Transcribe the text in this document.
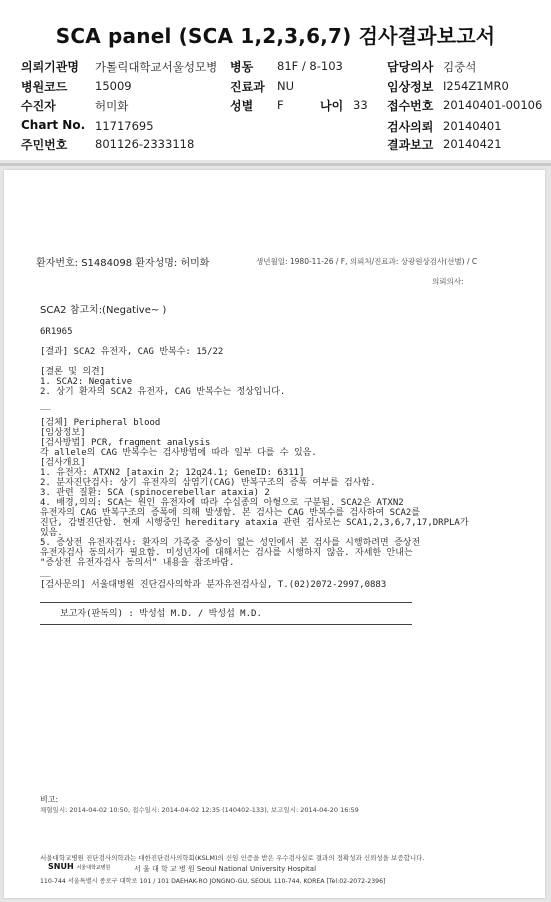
SCA panel (SCA 1,2,3,6,7) 검사결과보고서
의뢰기관명 가톨릭대학교서울성모병 병동 81F / 8-103	담당의사 김중석
병원코드 15009	진료과 NU	임상정보 I254Z1MR0
수진자	허미화	성별 F	나이 33 접수번호 20140401-00106
Chart No. 11717695	검사의뢰 20140401
주민번호 801126-2333118	결과보고 20140421
환자번호: S1484098 환자성명: 허미화	생년월일: 1980-11-26 / F, 의뢰처/진료과: 상광원상검사(선별) / C
의뢰의사:
SCA2 참고치:(Negative~ )
6R1965
[결과] SCA2 유전자, CAG 반복수: 15/22
[결론 및 의견]
1. SCA2: Negative
2. 상기 환자의 SCA2 유전자, CAG 반복수는 정상입니다.
__
[검체] Peripheral blood
[임상정보]
[검사방법] PCR, fragment analysis
각 allele의 CAG 반복수는 검사방법에 따라 일부 다를 수 있음.
[검사개요]
1. 유전자: ATXN2 [ataxin 2; 12q24.1; GeneID: 6311]
2. 분자진단검사: 상기 유전자의 삼염기(CAG) 반복구조의 증폭 여부를 검사함.
3. 관련 질환: SCA (spinocerebellar ataxia) 2
4. 배경,의의: SCA는 원인 유전자에 따라 수십종의 아형으로 구분됨. SCA2은 ATXN2
유전자의 CAG 반복구조의 증폭에 의해 발생함. 본 검사는 CAG 반복수를 검사하여 SCA2를
진단, 감별진단함. 현재 시행중인 hereditary ataxia 관련 검사로는 SCA1,2,3,6,7,17,DRPLA가
있음.
5. 증상전 유전자검사: 환자의 가족중 증상이 없는 성인에서 본 검사를 시행하려면 증상전
유전자검사 동의서가 필요함. 미성년자에 대해서는 검사를 시행하지 않음. 자세한 안내는
"증상전 유전자검사 동의서" 내용을 참조바람.
__
[검사문의] 서울대병원 진단검사의학과 분자유전검사실, T.(02)2072-2997,0883
보고자(판독의) : 박성섭 M.D. / 박성섭 M.D.
비고:
채혈일시: 2014-04-02 10:50, 접수일시: 2014-04-02 12:35 (140402-133), 보고일시: 2014-04-20 16:59
서울대학교병원 진단검사의학과는 대한진단검사의학회(KSLM)의 신임 인증을 받은 우수검사실로 결과의 정확성과 신뢰성을 보증합니다.
SNUH 서울대학교병원	서 울 대 학 교 병 원 Seoul National University Hospital
110-744 서울특별시 종로구 대학로 101 / 101 DAEHAK-RO JONGNO-GU, SEOUL 110-744, KOREA [Tel:02-2072-2396]
